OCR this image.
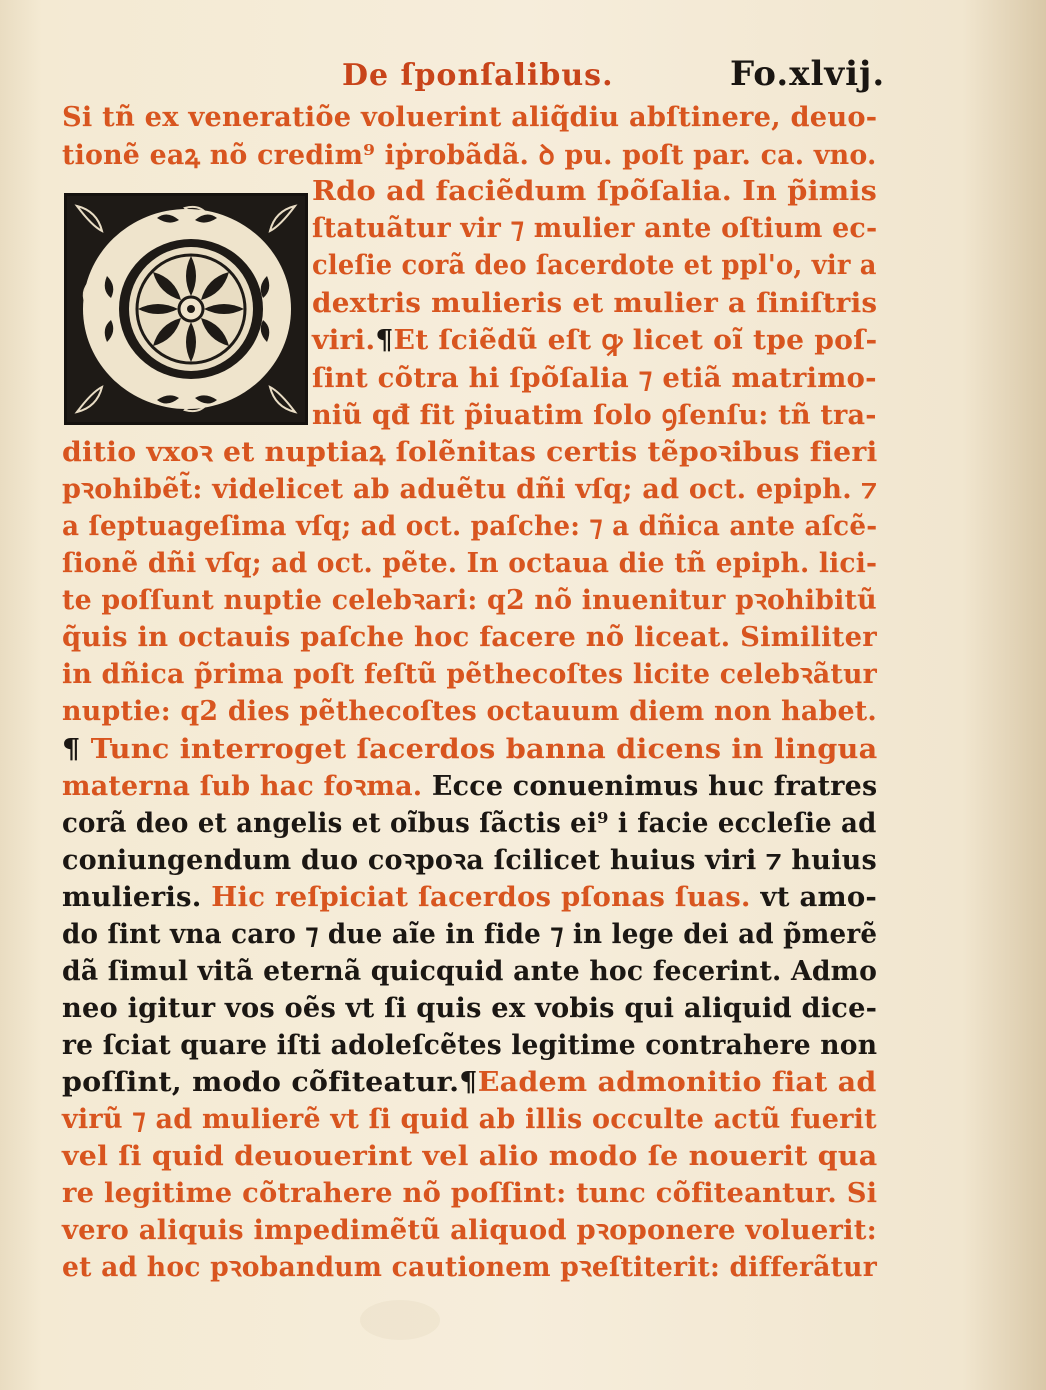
De ſponſalibus.	Fo.xlvij.
Si tñ ex veneratiõe voluerint aliq̃diu abſtinere, deuo-
tionẽ eaꝝ nõ credim⁹ iṗrobãdã. ꝺ pu. poſt par. ca. vno.
Rdo ad faciẽdum ſpõſalia. In p̃imis
ſtatuãtur vir ⁊ mulier ante oſtium ec-
cleſie corã deo ſacerdote et ppl'o, vir a
dextris mulieris et mulier a ſiniſtris
viri.¶Et ſciẽdũ eſt ꝙ licet oĩ tpe poſ-
ſint cõtra hi ſpõſalia ⁊ etiã matrimo-
niũ qđ fit p̃iuatim ſolo ꝯſenſu: tñ tra-
ditio vxoꝛ et nuptiaꝝ ſolẽnitas certis tẽpoꝛibus fieri
pꝛohibẽt̃: videlicet ab aduẽtu dñi vſq; ad oct. epiph. ⁊
a ſeptuageſima vſq; ad oct. paſche: ⁊ a dñica ante aſcẽ-
ſionẽ dñi vſq; ad oct. pẽte. In octaua die tñ epiph. lici-
te poſſunt nuptie celebꝛari: q2 nõ inuenitur pꝛohibitũ
q̃uis in octauis paſche hoc facere nõ liceat. Similiter
in dñica p̃rima poſt feſtũ pẽthecoſtes licite celebꝛãtur
nuptie: q2 dies pẽthecoſtes octauum diem non habet.
¶ Tunc interroget ſacerdos banna dicens in lingua
materna ſub hac foꝛma. Ecce conuenimus huc fratres
corã deo et angelis et oĩbus ſãctis ei⁹ i facie eccleſie ad
coniungendum duo coꝛpoꝛa ſcilicet huius viri ⁊ huius
mulieris. Hic reſpiciat ſacerdos pſonas ſuas. vt amo-
do ſint vna caro ⁊ due aĩe in fide ⁊ in lege dei ad p̃merẽ
dã ſimul vitã eternã quicquid ante hoc fecerint. Admo
neo igitur vos oẽs vt ſi quis ex vobis qui aliquid dice-
re ſciat quare iſti adoleſcẽtes legitime contrahere non
poſſint, modo cõfiteatur.¶Eadem admonitio fiat ad
virũ ⁊ ad mulierẽ vt ſi quid ab illis occulte actũ fuerit
vel ſi quid deuouerint vel alio modo ſe nouerit qua
re legitime cõtrahere nõ poſſint: tunc cõfiteantur. Si
vero aliquis impedimẽtũ aliquod pꝛoponere voluerit:
et ad hoc pꝛobandum cautionem pꝛeſtiterit: differãtur
